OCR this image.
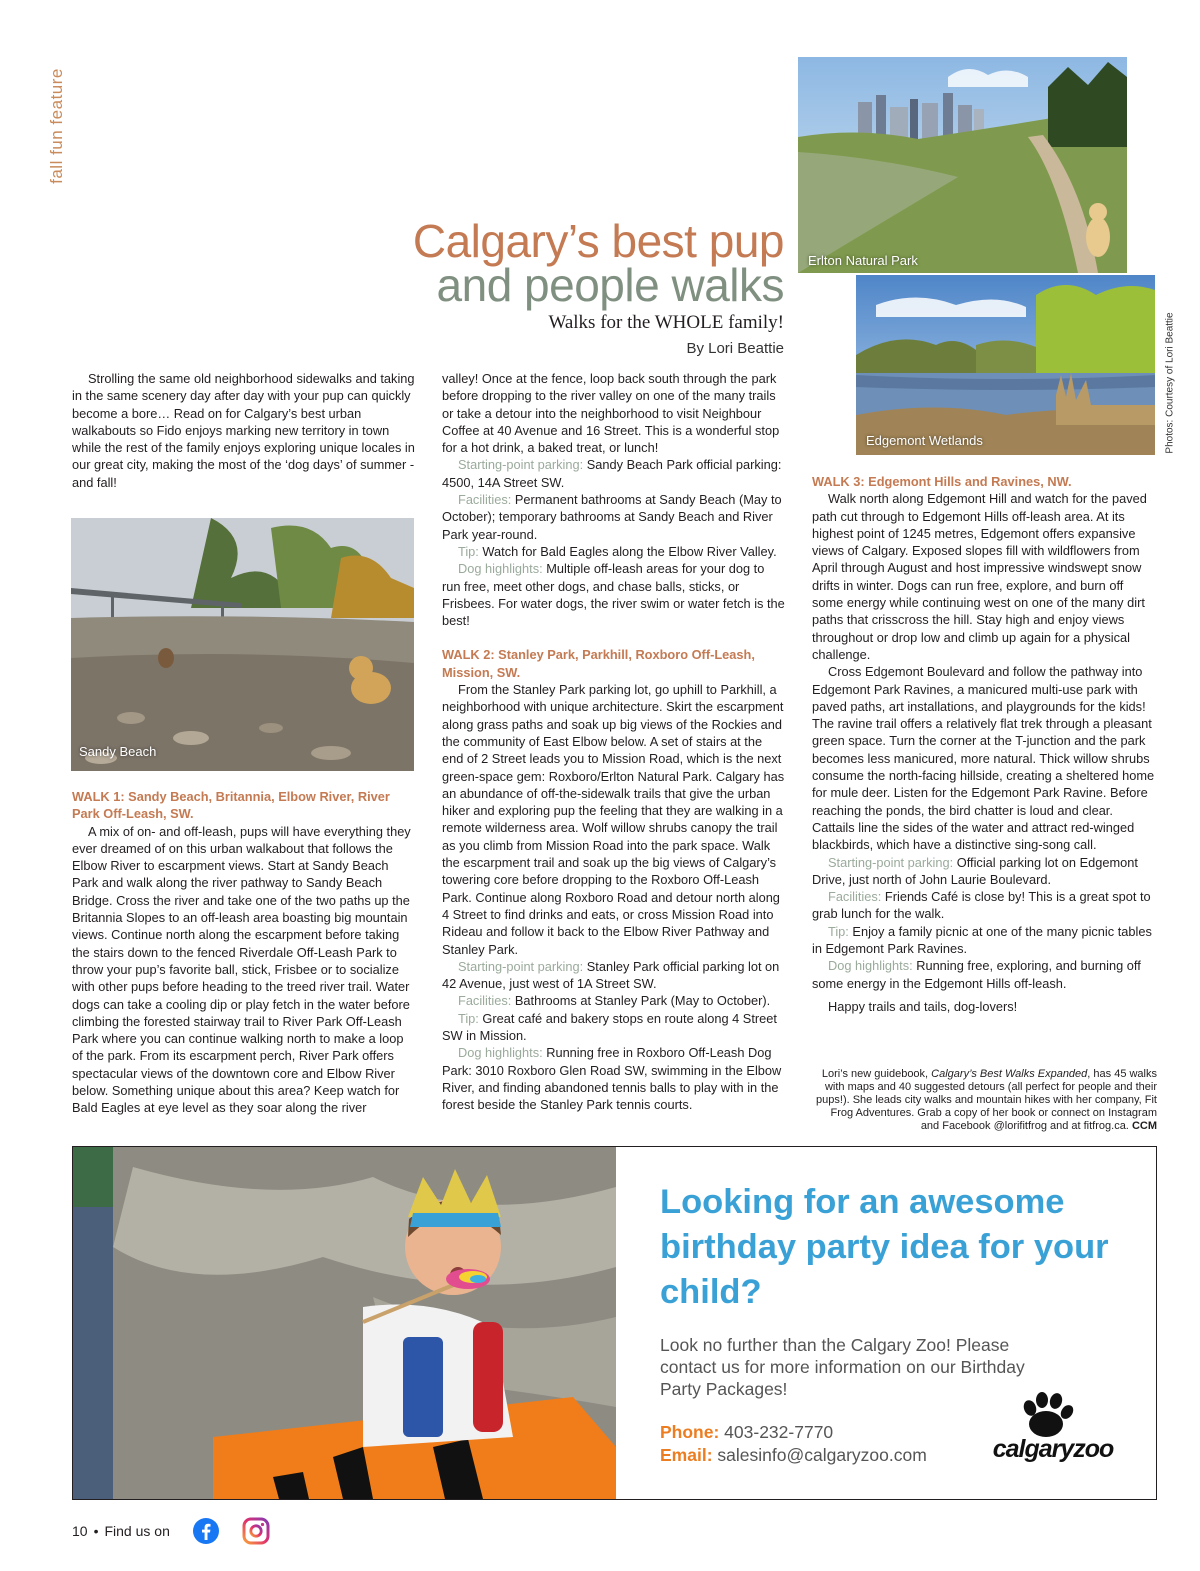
fall fun feature
Calgary’s best pup
and people walks
Walks for the WHOLE family!
By Lori Beattie
Erlton Natural Park
Edgemont Wetlands	Photos: Courtesy of Lori Beattie

Strolling the same old neighborhood sidewalks and taking in the same scenery day after day with your pup can quickly become a bore… Read on for Calgary’s best urban walkabouts so Fido enjoys marking new territory in town while the rest of the family enjoys exploring unique locales in our great city, making the most of the ‘dog days’ of summer - and fall!

Sandy Beach
WALK 1: Sandy Beach, Britannia, Elbow River, River Park Off-Leash, SW.

A mix of on- and off-leash, pups will have everything they ever dreamed of on this urban walkabout that follows the Elbow River to escarpment views. Start at Sandy Beach Park and walk along the river pathway to Sandy Beach Bridge. Cross the river and take one of the two paths up the Britannia Slopes to an off-leash area boasting big mountain views. Continue north along the escarpment before taking the stairs down to the fenced Riverdale Off-Leash Park to throw your pup’s favorite ball, stick, Frisbee or to socialize with other pups before heading to the treed river trail. Water dogs can take a cooling dip or play fetch in the water before climbing the forested stairway trail to River Park Off-Leash Park where you can continue walking north to make a loop of the park. From its escarpment perch, River Park offers spectacular views of the downtown core and Elbow River below. Something unique about this area? Keep watch for Bald Eagles at eye level as they soar along the river

valley! Once at the fence, loop back south through the park before dropping to the river valley on one of the many trails or take a detour into the neighborhood to visit Neighbour Coffee at 40 Avenue and 16 Street. This is a wonderful stop for a hot drink, a baked treat, or lunch!

Starting-point parking: Sandy Beach Park official parking: 4500, 14A Street SW.

Facilities: Permanent bathrooms at Sandy Beach (May to October); temporary bathrooms at Sandy Beach and River Park year-round.

Tip: Watch for Bald Eagles along the Elbow River Valley.

Dog highlights: Multiple off-leash areas for your dog to run free, meet other dogs, and chase balls, sticks, or Frisbees. For water dogs, the river swim or water fetch is the best!

WALK 2: Stanley Park, Parkhill, Roxboro Off-Leash, Mission, SW.

From the Stanley Park parking lot, go uphill to Parkhill, a neighborhood with unique architecture. Skirt the escarpment along grass paths and soak up big views of the Rockies and the community of East Elbow below. A set of stairs at the end of 2 Street leads you to Mission Road, which is the next green-space gem: Roxboro/Erlton Natural Park. Calgary has an abundance of off-the-sidewalk trails that give the urban hiker and exploring pup the feeling that they are walking in a remote wilderness area. Wolf willow shrubs canopy the trail as you climb from Mission Road into the park space. Walk the escarpment trail and soak up the big views of Calgary’s towering core before dropping to the Roxboro Off-Leash Park. Continue along Roxboro Road and detour north along 4 Street to find drinks and eats, or cross Mission Road into Rideau and follow it back to the Elbow River Pathway and Stanley Park.

Starting-point parking: Stanley Park official parking lot on 42 Avenue, just west of 1A Street SW.

Facilities: Bathrooms at Stanley Park (May to October).

Tip: Great café and bakery stops en route along 4 Street SW in Mission.

Dog highlights: Running free in Roxboro Off-Leash Dog Park: 3010 Roxboro Glen Road SW, swimming in the Elbow River, and finding abandoned tennis balls to play with in the forest beside the Stanley Park tennis courts.

WALK 3: Edgemont Hills and Ravines, NW.

Walk north along Edgemont Hill and watch for the paved path cut through to Edgemont Hills off-leash area. At its highest point of 1245 metres, Edgemont offers expansive views of Calgary. Exposed slopes fill with wildflowers from April through August and host impressive windswept snow drifts in winter. Dogs can run free, explore, and burn off some energy while continuing west on one of the many dirt paths that crisscross the hill. Stay high and enjoy views throughout or drop low and climb up again for a physical challenge.

Cross Edgemont Boulevard and follow the pathway into Edgemont Park Ravines, a manicured multi-use park with paved paths, art installations, and playgrounds for the kids! The ravine trail offers a relatively flat trek through a pleasant green space. Turn the corner at the T-junction and the park becomes less manicured, more natural. Thick willow shrubs consume the north-facing hillside, creating a sheltered home for mule deer. Listen for the Edgemont Park Ravine. Before reaching the ponds, the bird chatter is loud and clear. Cattails line the sides of the water and attract red-winged blackbirds, which have a distinctive sing-song call.

Starting-point parking: Official parking lot on Edgemont Drive, just north of John Laurie Boulevard.

Facilities: Friends Café is close by! This is a great spot to grab lunch for the walk.

Tip: Enjoy a family picnic at one of the many picnic tables in Edgemont Park Ravines.

Dog highlights: Running free, exploring, and burning off some energy in the Edgemont Hills off-leash.

Happy trails and tails, dog-lovers!

Lori’s new guidebook, Calgary’s Best Walks Expanded, has 45 walks with maps and 40 suggested detours (all perfect for people and their pups!). She leads city walks and mountain hikes with her company, Fit Frog Adventures. Grab a copy of her book or connect on Instagram and Facebook @lorifitfrog and at fitfrog.ca. CCM
Looking for an awesome birthday party idea for your child?
Look no further than the Calgary Zoo! Please contact us for more information on our Birthday Party Packages!
Phone: 403-232-7770
Email: salesinfo@calgaryzoo.com	calgaryzoo
10 • Find us on
